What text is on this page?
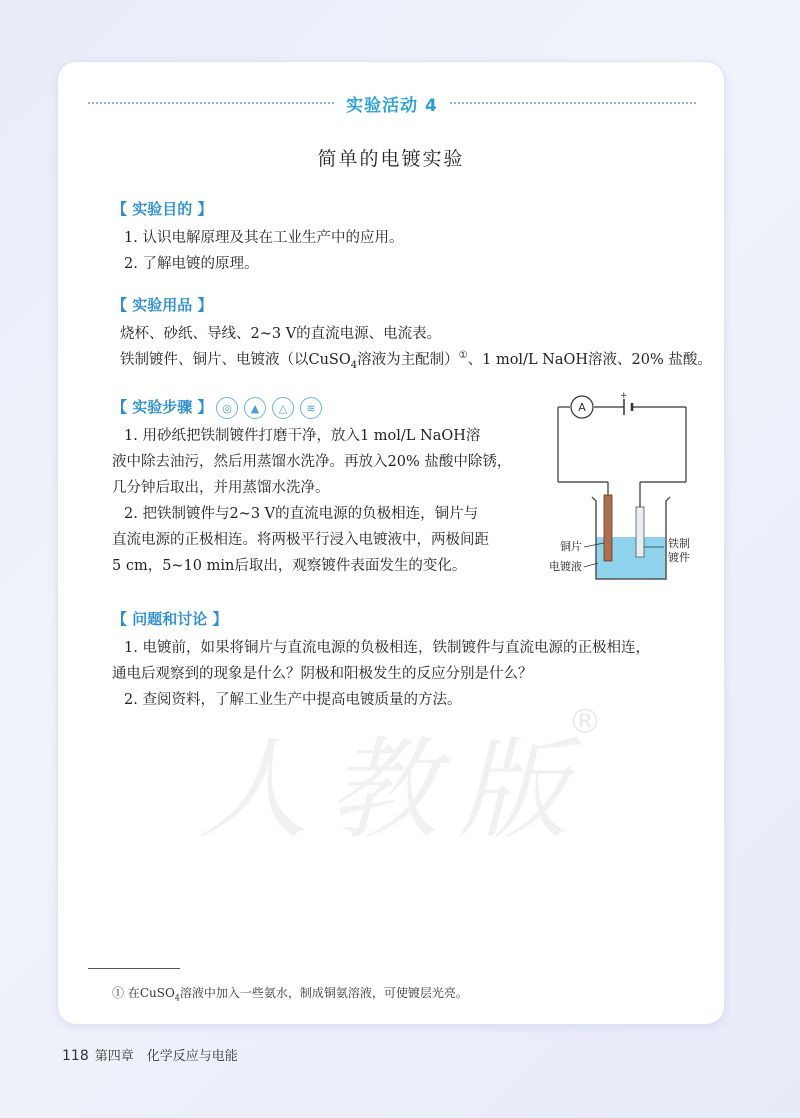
实验活动 4
简单的电镀实验
【 实验目的 】
1. 认识电解原理及其在工业生产中的应用。
2. 了解电镀的原理。
【 实验用品 】
烧杯、砂纸、导线、2~3 V的直流电源、电流表。
铁制镀件、铜片、电镀液（以CuSO$_4$溶液为主配制）①、1 mol/L NaOH溶液、20% 盐酸。
【 实验步骤 】 ◎	▲	△	≋
1. 用砂纸把铁制镀件打磨干净，放入1 mol/L NaOH溶
液中除去油污，然后用蒸馏水洗净。再放入20% 盐酸中除锈，
几分钟后取出，并用蒸馏水洗净。
2. 把铁制镀件与2~3 V的直流电源的负极相连，铜片与
直流电源的正极相连。将两极平行浸入电镀液中，两极间距
5 cm，5~10 min后取出，观察镀件表面发生的变化。
A
+
铜片
电镀液
铁制
镀件
【 问题和讨论 】
1. 电镀前，如果将铜片与直流电源的负极相连，铁制镀件与直流电源的正极相连，
通电后观察到的现象是什么？阴极和阳极发生的反应分别是什么？
2. 查阅资料，了解工业生产中提高电镀质量的方法。
人教版
®
① 在CuSO$_4$溶液中加入一些氨水，制成铜氨溶液，可使镀层光亮。
118 第四章　化学反应与电能
